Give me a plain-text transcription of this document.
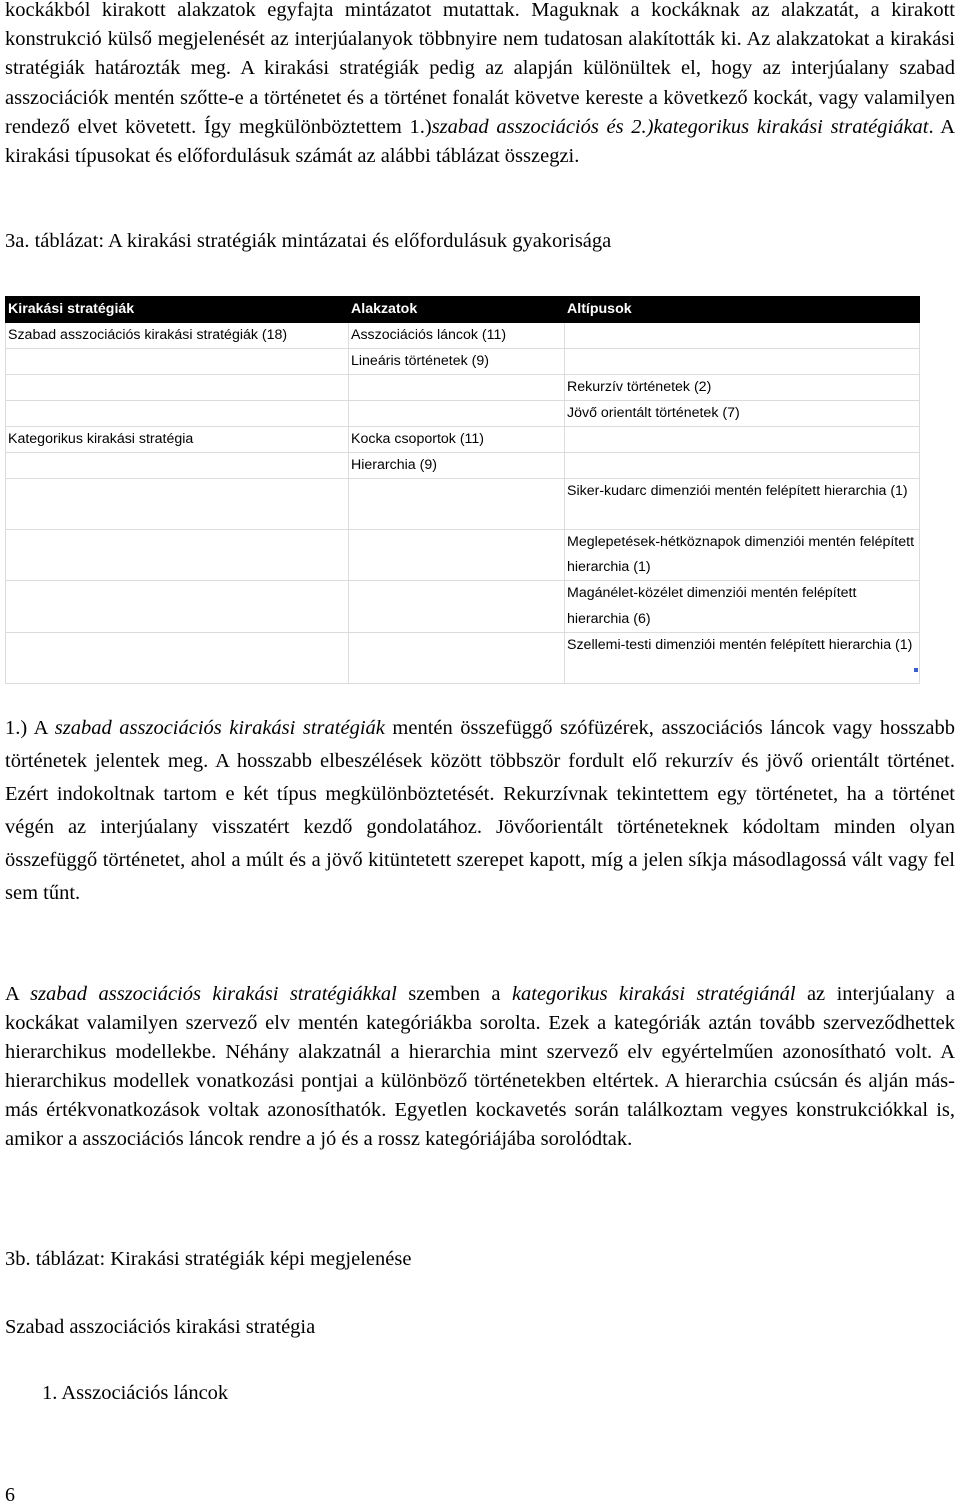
kockákból kirakott alakzatok egyfajta mintázatot mutattak. Maguknak a kockáknak az alakzatát, a kirakott konstrukció külső megjelenését az interjúalanyok többnyire nem tudatosan alakították ki. Az alakzatokat a kirakási stratégiák határozták meg. A kirakási stratégiák pedig az alapján különültek el, hogy az interjúalany szabad asszociációk mentén szőtte-e a történetet és a történet fonalát követve kereste a következő kockát, vagy valamilyen rendező elvet követett. Így megkülönböztettem 1.)szabad asszociációs és 2.)kategorikus kirakási stratégiákat. A kirakási típusokat és előfordulásuk számát az alábbi táblázat összegzi.

3a. táblázat: A kirakási stratégiák mintázatai és előfordulásuk gyakorisága
Kirakási stratégiák	Alakzatok	Altípusok
Szabad asszociációs kirakási stratégiák (18)	Asszociációs láncok (11)	
	Lineáris történetek (9)	
		Rekurzív történetek (2)
		Jövő orientált történetek (7)
Kategorikus kirakási stratégia	Kocka csoportok (11)	
	Hierarchia (9)	
		Siker-kudarc dimenziói mentén felépített hierarchia (1)
		Meglepetések-hétköznapok dimenziói mentén felépített hierarchia (1)
		Magánélet-közélet dimenziói mentén felépített hierarchia (6)
		Szellemi-testi dimenziói mentén felépített hierarchia (1)

1.) A szabad asszociációs kirakási stratégiák mentén összefüggő szófüzérek, asszociációs láncok vagy hosszabb történetek jelentek meg. A hosszabb elbeszélések között többször fordult elő rekurzív és jövő orientált történet. Ezért indokoltnak tartom e két típus megkülönböztetését. Rekurzívnak tekintettem egy történetet, ha a történet végén az interjúalany visszatért kezdő gondolatához. Jövőorientált történeteknek kódoltam minden olyan összefüggő történetet, ahol a múlt és a jövő kitüntetett szerepet kapott, míg a jelen síkja másodlagossá vált vagy fel sem tűnt.

A szabad asszociációs kirakási stratégiákkal szemben a kategorikus kirakási stratégiánál az interjúalany a kockákat valamilyen szervező elv mentén kategóriákba sorolta. Ezek a kategóriák aztán tovább szerveződhettek hierarchikus modellekbe. Néhány alakzatnál a hierarchia mint szervező elv egyértelműen azonosítható volt. A hierarchikus modellek vonatkozási pontjai a különböző történetekben eltértek. A hierarchia csúcsán és alján más-más értékvonatkozások voltak azonosíthatók. Egyetlen kockavetés során találkoztam vegyes konstrukciókkal is, amikor a asszociációs láncok rendre a jó és a rossz kategóriájába sorolódtak.

3b. táblázat: Kirakási stratégiák képi megjelenése
Szabad asszociációs kirakási stratégia
1. Asszociációs láncok
6
